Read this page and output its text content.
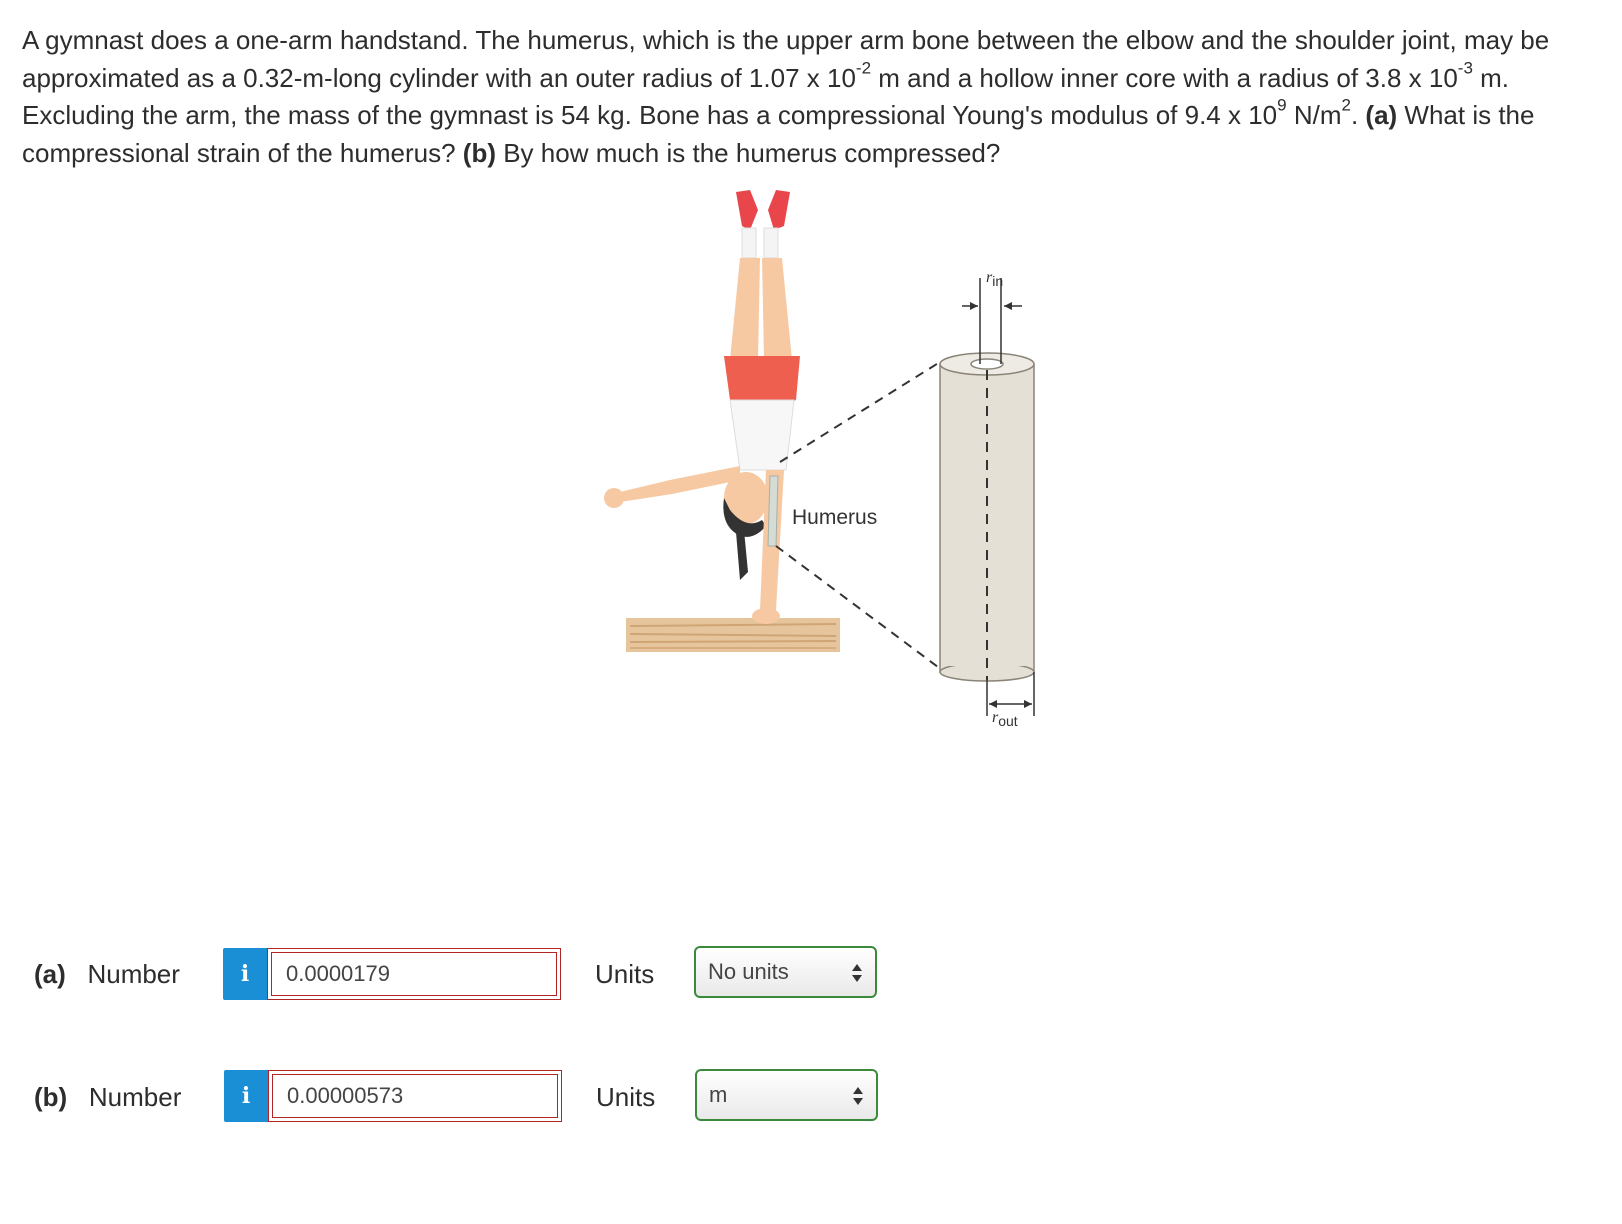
A gymnast does a one-arm handstand. The humerus, which is the upper arm bone between the elbow and the shoulder joint, may be approximated as a 0.32-m-long cylinder with an outer radius of 1.07 x $10^{-2}$ m and a hollow inner core with a radius of 3.8 x $10^{-3}$ m. Excluding the arm, the mass of the gymnast is 54 kg. Bone has a compressional Young's modulus of 9.4 x $10^9$ $N/m^2$. (a) What is the compressional strain of the humerus? (b) By how much is the humerus compressed?
Humerus
rin
rout
(a) Number	i	0.0000179	Units	No units
(b) Number	i	0.00000573	Units	m
